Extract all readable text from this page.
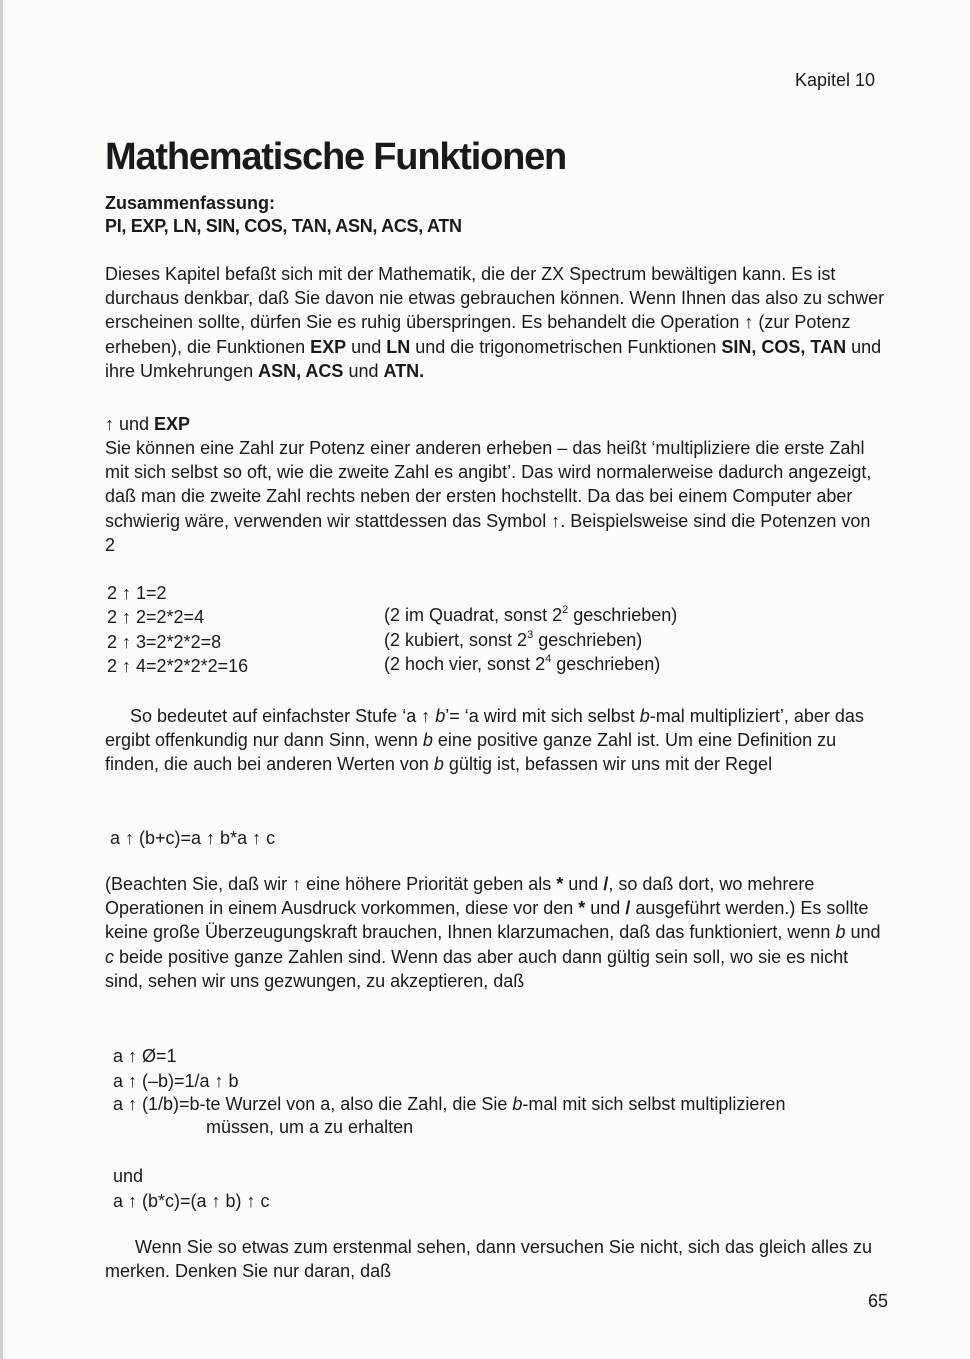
Kapitel 10
Mathematische Funktionen
Zusammenfassung:
PI, EXP, LN, SIN, COS, TAN, ASN, ACS, ATN

Dieses Kapitel befaßt sich mit der Mathematik, die der ZX Spectrum bewältigen kann. Es ist durchaus denkbar, daß Sie davon nie etwas gebrauchen können. Wenn Ihnen das also zu schwer erscheinen sollte, dürfen Sie es ruhig überspringen. Es behandelt die Operation ↑ (zur Potenz erheben), die Funktionen EXP und LN und die trigonometrischen Funktionen SIN, COS, TAN und ihre Umkehrungen ASN, ACS und ATN.

↑ und EXP

Sie können eine Zahl zur Potenz einer anderen erheben – das heißt ‘multipliziere die erste Zahl mit sich selbst so oft, wie die zweite Zahl es angibt’. Das wird normalerweise dadurch angezeigt, daß man die zweite Zahl rechts neben der ersten hochstellt. Da das bei einem Computer aber schwierig wäre, verwenden wir stattdessen das Symbol ↑. Beispielsweise sind die Potenzen von 2

2 ↑ 1=2
2 ↑ 2=2*2=4	(2 im Quadrat, sonst $2^2$ geschrieben)
2 ↑ 3=2*2*2=8	(2 kubiert, sonst $2^3$ geschrieben)
2 ↑ 4=2*2*2*2=16	(2 hoch vier, sonst $2^4$ geschrieben)

So bedeutet auf einfachster Stufe ‘a ↑ b’= ‘a wird mit sich selbst b-mal multipliziert’, aber das ergibt offenkundig nur dann Sinn, wenn b eine positive ganze Zahl ist. Um eine Definition zu finden, die auch bei anderen Werten von b gültig ist, befassen wir uns mit der Regel

a ↑ (b+c)=a ↑ b*a ↑ c

(Beachten Sie, daß wir ↑ eine höhere Priorität geben als * und /, so daß dort, wo mehrere Operationen in einem Ausdruck vorkommen, diese vor den * und / ausgeführt werden.) Es sollte keine große Überzeugungskraft brauchen, Ihnen klarzumachen, daß das funktioniert, wenn b und c beide positive ganze Zahlen sind. Wenn das aber auch dann gültig sein soll, wo sie es nicht sind, sehen wir uns gezwungen, zu akzeptieren, daß

a ↑ Ø=1
a ↑ (–b)=1/a ↑ b
a ↑ (1/b)=b-te Wurzel von a, also die Zahl, die Sie b-mal mit sich selbst multiplizieren
müssen, um a zu erhalten
und
a ↑ (b*c)=(a ↑ b) ↑ c

Wenn Sie so etwas zum erstenmal sehen, dann versuchen Sie nicht, sich das gleich alles zu merken. Denken Sie nur daran, daß

65
